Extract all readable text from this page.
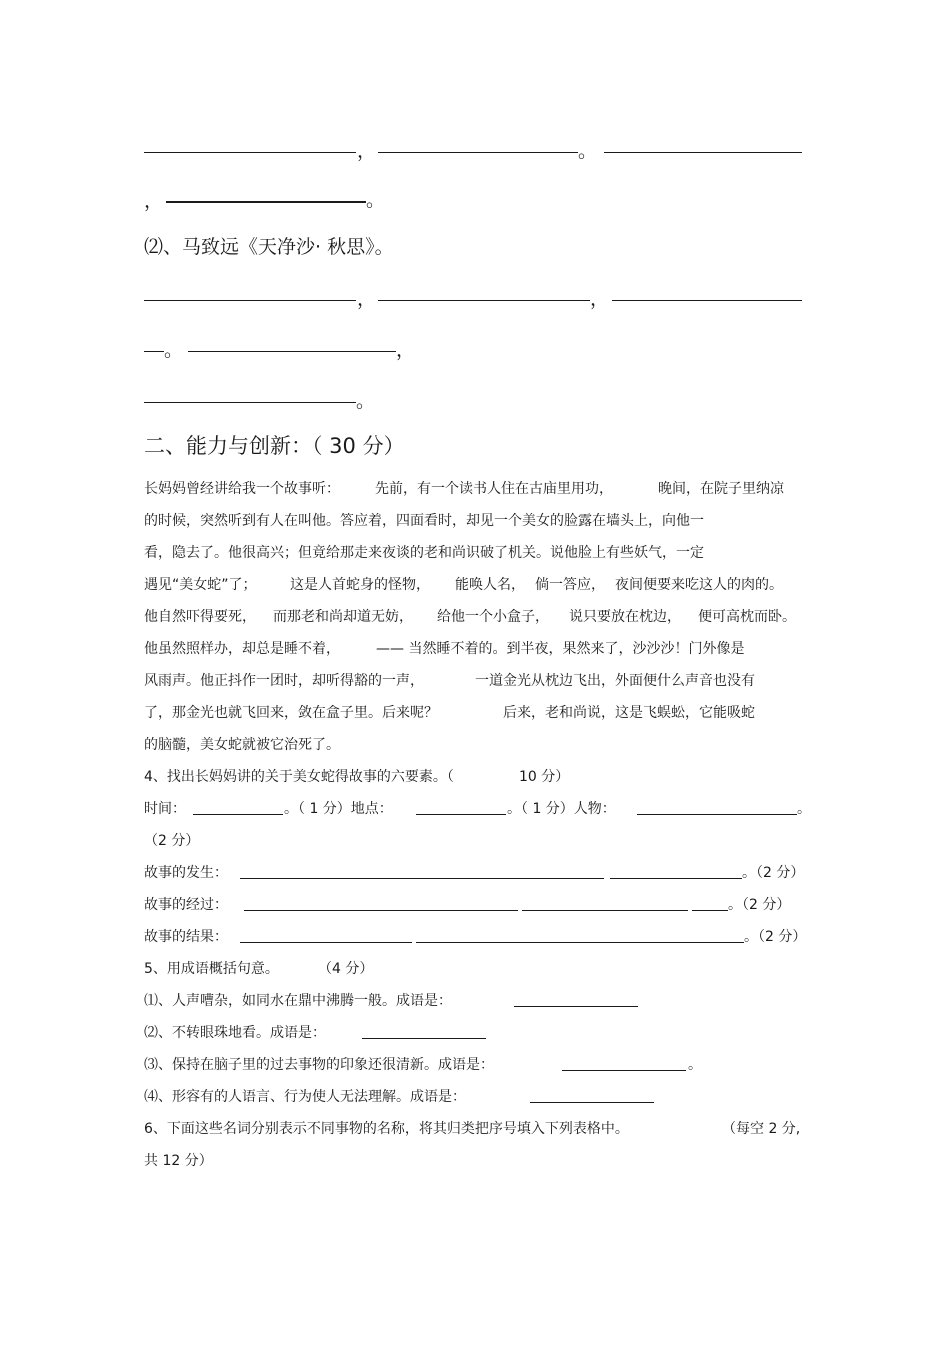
，	。
，	。
⑵、马致远《天净沙· 秋思》。
，	，
。	，
。
二、能力与创新：（ 30 分）
长妈妈曾经讲给我一个故事听：	先前，有一个读书人住在古庙里用功，	晚间，在院子里纳凉
的时候，突然听到有人在叫他。答应着，四面看时，却见一个美女的脸露在墙头上，向他一
看，隐去了。他很高兴；但竟给那走来夜谈的老和尚识破了机关。说他脸上有些妖气，一定
遇见“美女蛇”了； 这是人首蛇身的怪物， 能唤人名， 倘一答应， 夜间便要来吃这人的肉的。
他自然吓得要死， 而那老和尚却道无妨， 给他一个小盒子， 说只要放在枕边， 便可高枕而卧。
他虽然照样办，却总是睡不着，	—— 当然睡不着的。到半夜，果然来了，沙沙沙！门外像是
风雨声。他正抖作一团时，却听得豁的一声，	一道金光从枕边飞出，外面便什么声音也没有
了，那金光也就飞回来，敛在盒子里。后来呢？	后来，老和尚说，这是飞蜈蚣，它能吸蛇
的脑髓，美女蛇就被它治死了。
4、找出长妈妈讲的关于美女蛇得故事的六要素。（	10 分）
时间：	。（ 1 分）地点：	。（ 1 分）人物：	。
（2 分）
故事的发生：	。（2 分）
故事的经过：	。（2 分）
故事的结果：	。（2 分）
5、用成语概括句意。	（4 分）
⑴、人声嘈杂，如同水在鼎中沸腾一般。成语是：
⑵、不转眼珠地看。成语是：
⑶、保持在脑子里的过去事物的印象还很清新。成语是：	。
⑷、形容有的人语言、行为使人无法理解。成语是：
6、下面这些名词分别表示不同事物的名称，将其归类把序号填入下列表格中。	（每空 2 分,
共 12 分）
